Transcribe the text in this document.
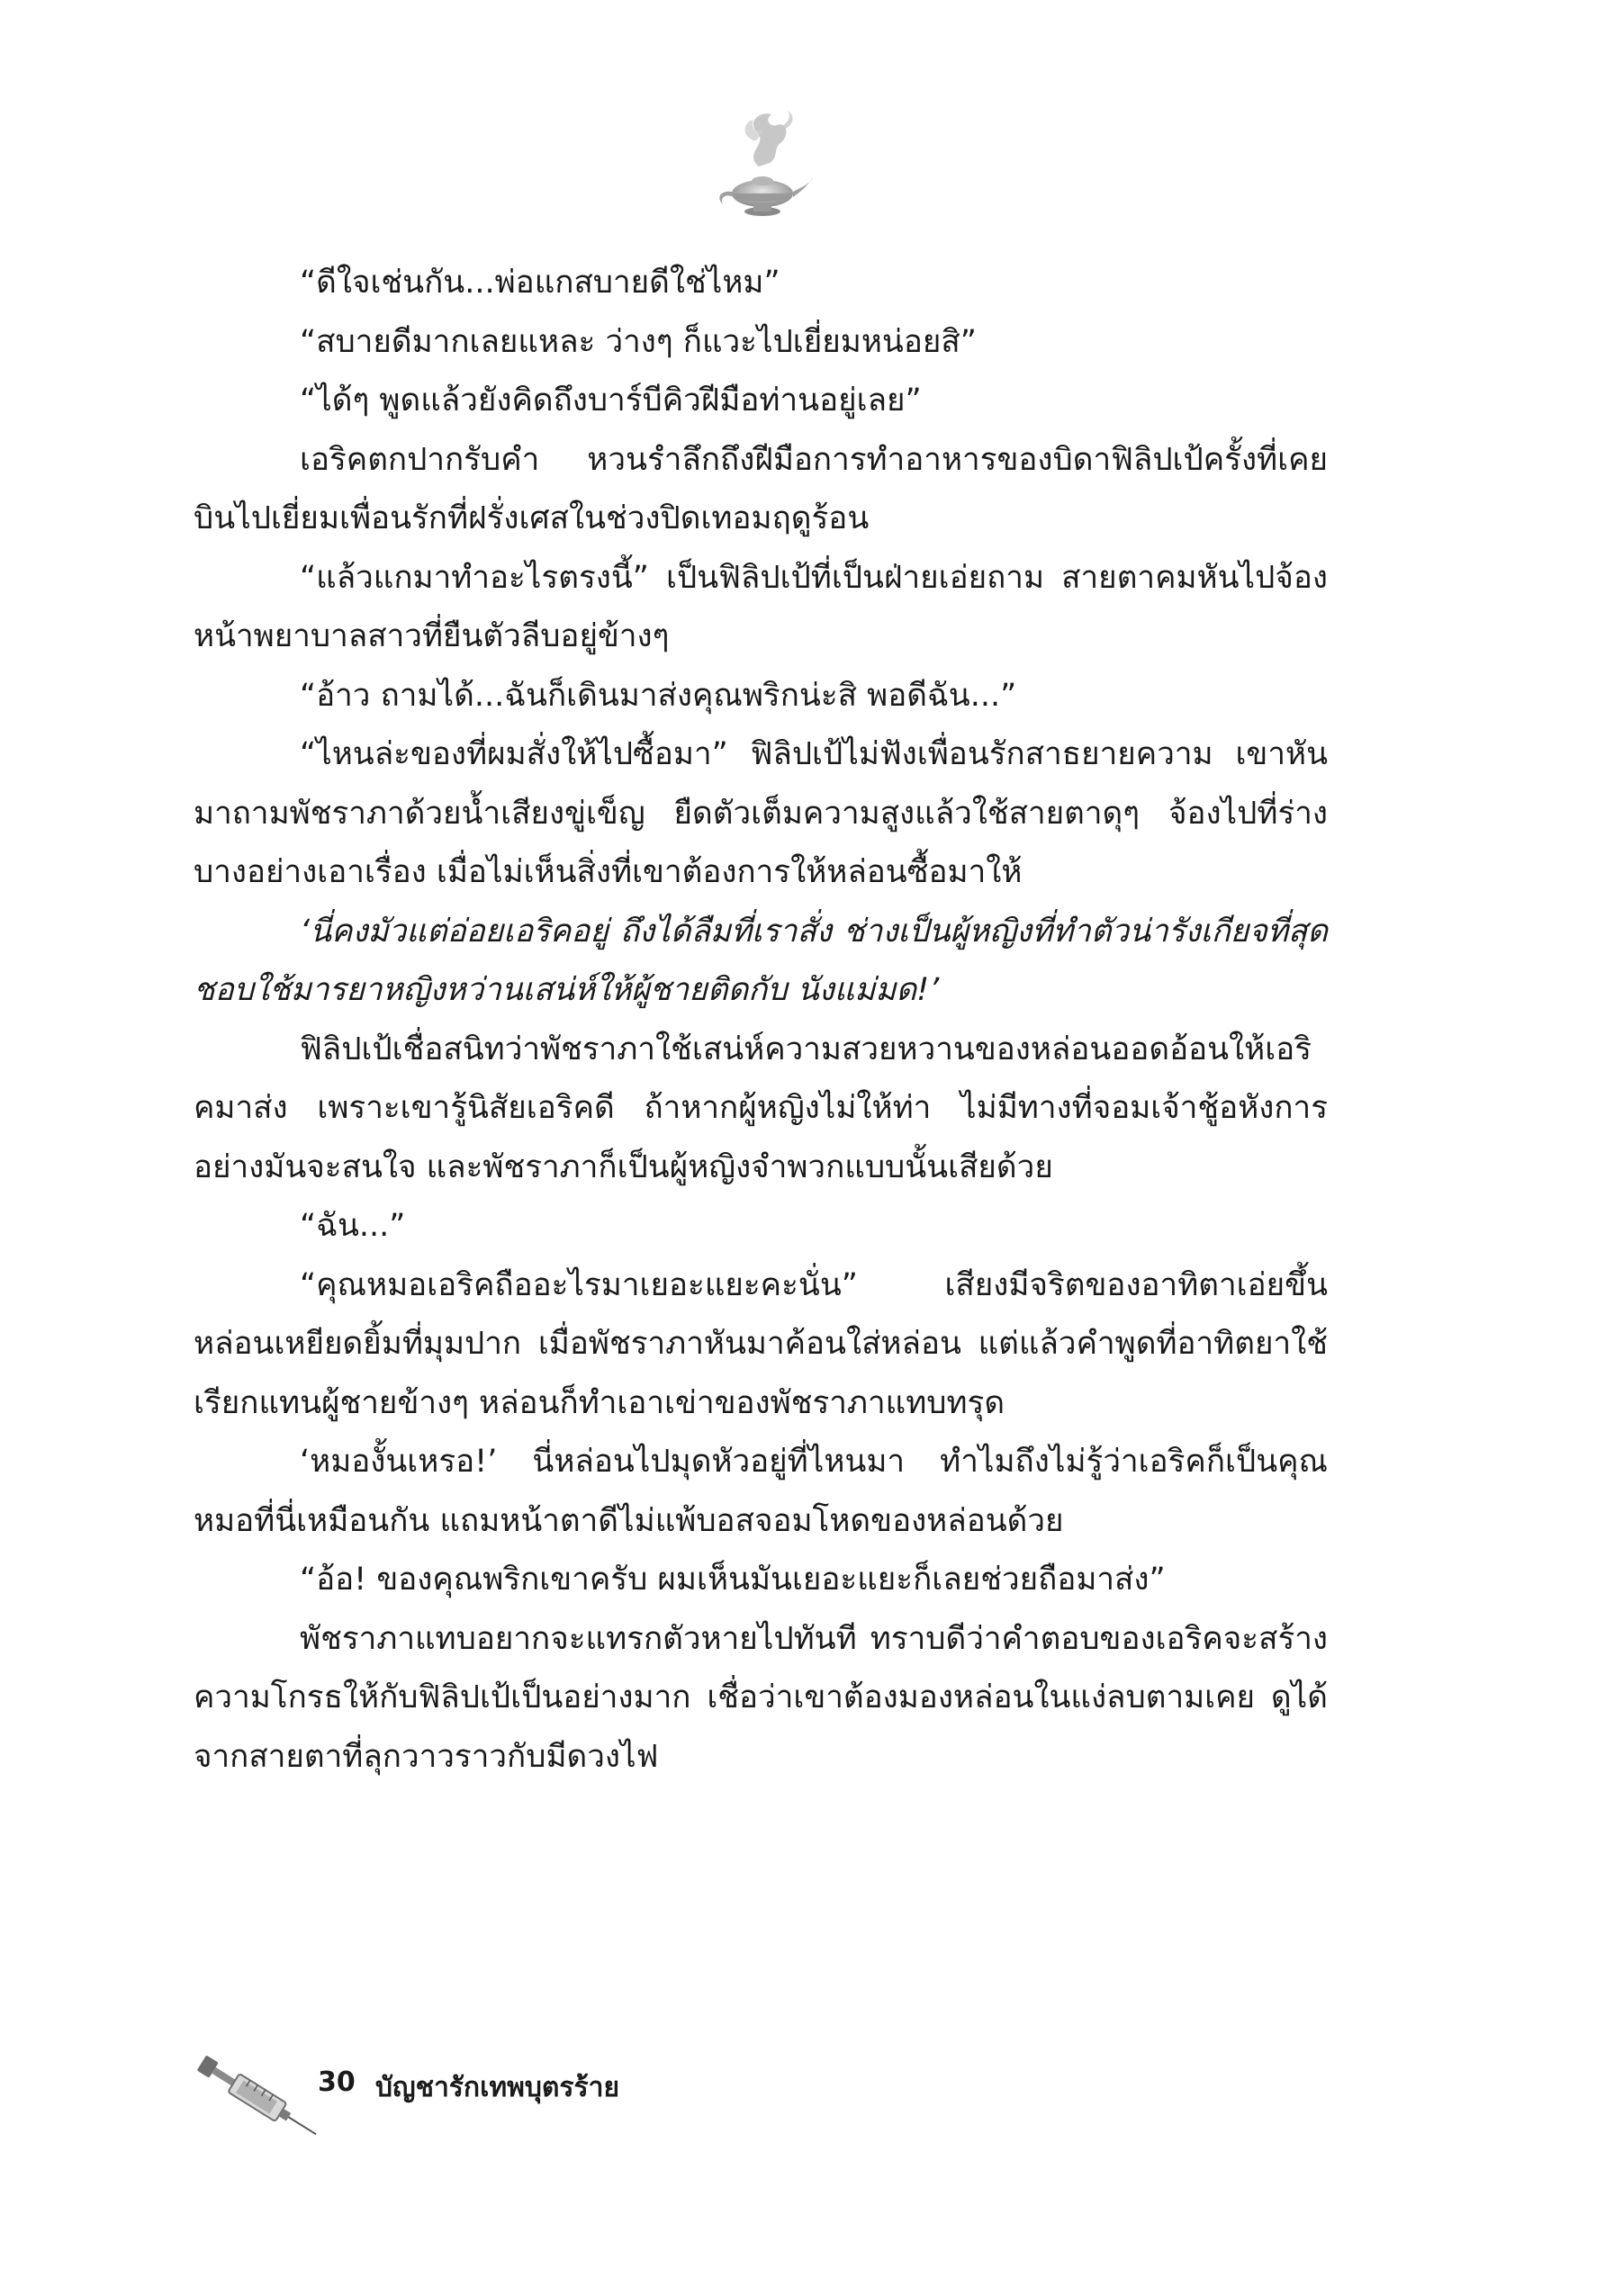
“ดีใจเช่นกัน...พ่อแกสบายดีใช่ไหม”

“สบายดีมากเลยแหละ ว่างๆ ก็แวะไปเยี่ยมหน่อยสิ”

“ได้ๆ พูดแล้วยังคิดถึงบาร์บีคิวฝีมือท่านอยู่เลย”

เอริคตกปากรับคำ หวนรำลึกถึงฝีมือการทำอาหารของบิดาฟิลิปเป้ครั้งที่เคยบินไปเยี่ยมเพื่อนรักที่ฝรั่งเศสในช่วงปิดเทอมฤดูร้อน

“แล้วแกมาทำอะไรตรงนี้” เป็นฟิลิปเป้ที่เป็นฝ่ายเอ่ยถาม สายตาคมหันไปจ้องหน้าพยาบาลสาวที่ยืนตัวลีบอยู่ข้างๆ

“อ้าว ถามได้...ฉันก็เดินมาส่งคุณพริกน่ะสิ พอดีฉัน...”

“ไหนล่ะของที่ผมสั่งให้ไปซื้อมา” ฟิลิปเป้ไม่ฟังเพื่อนรักสาธยายความ เขาหันมาถามพัชราภาด้วยน้ำเสียงขู่เข็ญ ยืดตัวเต็มความสูงแล้วใช้สายตาดุๆ จ้องไปที่ร่างบางอย่างเอาเรื่อง เมื่อไม่เห็นสิ่งที่เขาต้องการให้หล่อนซื้อมาให้

‘นี่คงมัวแต่อ่อยเอริคอยู่ ถึงได้ลืมที่เราสั่ง ช่างเป็นผู้หญิงที่ทำตัวน่ารังเกียจที่สุด ชอบใช้มารยาหญิงหว่านเสน่ห์ให้ผู้ชายติดกับ นังแม่มด!’

ฟิลิปเป้เชื่อสนิทว่าพัชราภาใช้เสน่ห์ความสวยหวานของหล่อนออดอ้อนให้เอริคมาส่ง เพราะเขารู้นิสัยเอริคดี ถ้าหากผู้หญิงไม่ให้ท่า ไม่มีทางที่จอมเจ้าชู้อหังการอย่างมันจะสนใจ และพัชราภาก็เป็นผู้หญิงจำพวกแบบนั้นเสียด้วย

“ฉัน...”

“คุณหมอเอริคถืออะไรมาเยอะแยะคะนั่น” เสียงมีจริตของอาทิตาเอ่ยขึ้นหล่อนเหยียดยิ้มที่มุมปาก เมื่อพัชราภาหันมาค้อนใส่หล่อน แต่แล้วคำพูดที่อาทิตยาใช้เรียกแทนผู้ชายข้างๆ หล่อนก็ทำเอาเข่าของพัชราภาแทบทรุด

‘หมองั้นเหรอ!’ นี่หล่อนไปมุดหัวอยู่ที่ไหนมา ทำไมถึงไม่รู้ว่าเอริคก็เป็นคุณหมอที่นี่เหมือนกัน แถมหน้าตาดีไม่แพ้บอสจอมโหดของหล่อนด้วย

“อ้อ! ของคุณพริกเขาครับ ผมเห็นมันเยอะแยะก็เลยช่วยถือมาส่ง”

พัชราภาแทบอยากจะแทรกตัวหายไปทันที ทราบดีว่าคำตอบของเอริคจะสร้างความโกรธให้กับฟิลิปเป้เป็นอย่างมาก เชื่อว่าเขาต้องมองหล่อนในแง่ลบตามเคย ดูได้จากสายตาที่ลุกวาวราวกับมีดวงไฟ

30 บัญชารักเทพบุตรร้าย
